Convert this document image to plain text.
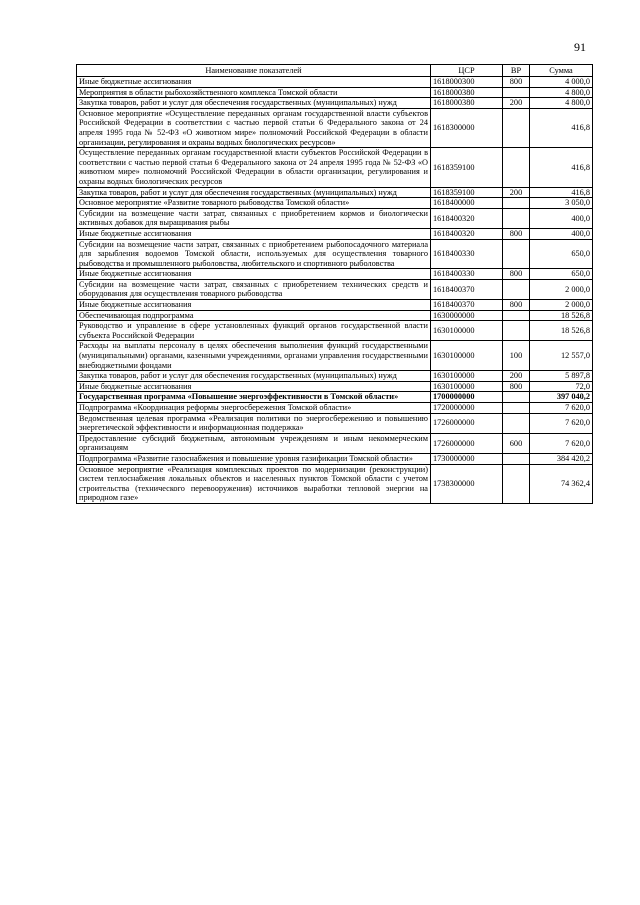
91
Наименование показателей	ЦСР	ВР	Сумма
Иные бюджетные ассигнования	1618000300	800	4 000,0
Мероприятия в области рыбохозяйственного комплекса Томской области	1618000380		4 800,0
Закупка товаров, работ и услуг для обеспечения государственных (муниципальных) нужд	1618000380	200	4 800,0
Основное мероприятие «Осуществление переданных органам государственной власти субъектов Российской Федерации в соответствии с частью первой статьи 6 Федерального закона от 24 апреля 1995 года № 52-ФЗ «О животном мире» полномочий Российской Федерации в области организации, регулирования и охраны водных биологических ресурсов»	1618300000		416,8
Осуществление переданных органам государственной власти субъектов Российской Федерации в соответствии с частью первой статьи 6 Федерального закона от 24 апреля 1995 года № 52-ФЗ «О животном мире» полномочий Российской Федерации в области организации, регулирования и охраны водных биологических ресурсов	1618359100		416,8
Закупка товаров, работ и услуг для обеспечения государственных (муниципальных) нужд	1618359100	200	416,8
Основное мероприятие «Развитие товарного рыбоводства Томской области»	1618400000		3 050,0
Субсидии на возмещение части затрат, связанных с приобретением кормов и биологически активных добавок для выращивания рыбы	1618400320		400,0
Иные бюджетные ассигнования	1618400320	800	400,0
Субсидии на возмещение части затрат, связанных с приобретением рыбопосадочного материала для зарыбления водоемов Томской области, используемых для осуществления товарного рыбоводства и промышленного рыболовства, любительского и спортивного рыболовства	1618400330		650,0
Иные бюджетные ассигнования	1618400330	800	650,0
Субсидии на возмещение части затрат, связанных с приобретением технических средств и оборудования для осуществления товарного рыбоводства	1618400370		2 000,0
Иные бюджетные ассигнования	1618400370	800	2 000,0
Обеспечивающая подпрограмма	1630000000		18 526,8
Руководство и управление в сфере установленных функций органов государственной власти субъекта Российской Федерации	1630100000		18 526,8
Расходы на выплаты персоналу в целях обеспечения выполнения функций государственными (муниципальными) органами, казенными учреждениями, органами управления государственными внебюджетными фондами	1630100000	100	12 557,0
Закупка товаров, работ и услуг для обеспечения государственных (муниципальных) нужд	1630100000	200	5 897,8
Иные бюджетные ассигнования	1630100000	800	72,0
Государственная программа «Повышение энергоэффективности в Томской области»	1700000000		397 040,2
Подпрограмма «Координация реформы энергосбережения Томской области»	1720000000		7 620,0
Ведомственная целевая программа «Реализация политики по энергосбережению и повышению энергетической эффективности и информационная поддержка»	1726000000		7 620,0
Предоставление субсидий бюджетным, автономным учреждениям и иным некоммерческим организациям	1726000000	600	7 620,0
Подпрограмма «Развитие газоснабжения и повышение уровня газификации Томской области»	1730000000		384 420,2
Основное мероприятие «Реализация комплексных проектов по модернизации (реконструкции) систем теплоснабжения локальных объектов и населенных пунктов Томской области с учетом строительства (технического перевооружения) источников выработки тепловой энергии на природном газе»	1738300000		74 362,4
